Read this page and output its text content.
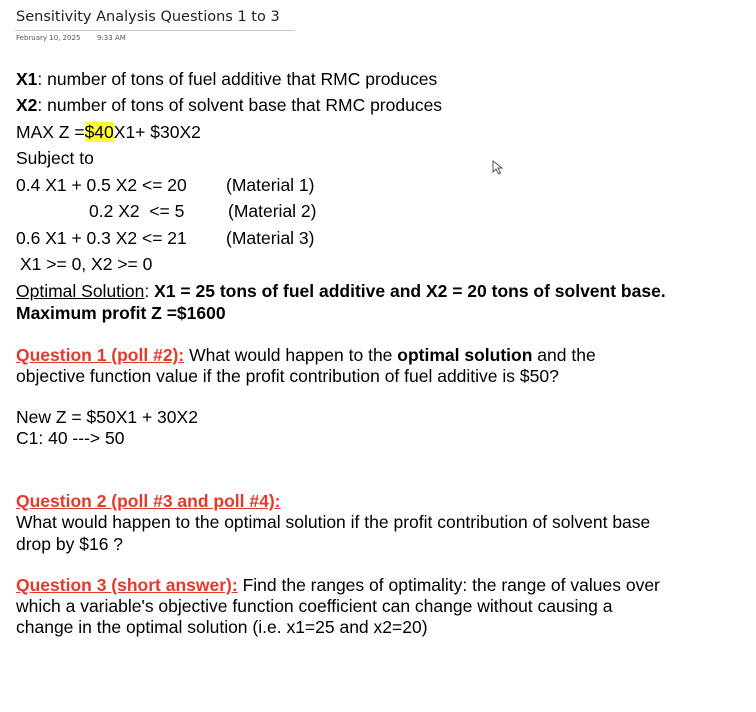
Sensitivity Analysis Questions 1 to 3
February 10, 2025 9:33 AM
X1: number of tons of fuel additive that RMC produces
X2: number of tons of solvent base that RMC produces
MAX Z =$40X1+ $30X2
Subject to
0.4 X1 + 0.5 X2 <= 20 (Material 1)
0.2 X2  <= 5 (Material 2)
0.6 X1 + 0.3 X2 <= 21 (Material 3)
X1 >= 0, X2 >= 0
Optimal Solution: X1 = 25 tons of fuel additive and X2 = 20 tons of solvent base.
Maximum profit Z =$1600
Question 1 (poll #2): What would happen to the optimal solution and the
objective function value if the profit contribution of fuel additive is $50?
New Z = $50X1 + 30X2
C1: 40 ---> 50
Question 2 (poll #3 and poll #4):
What would happen to the optimal solution if the profit contribution of solvent base
drop by $16 ?
Question 3 (short answer): Find the ranges of optimality: the range of values over
which a variable's objective function coefficient can change without causing a
change in the optimal solution (i.e. x1=25 and x2=20)
